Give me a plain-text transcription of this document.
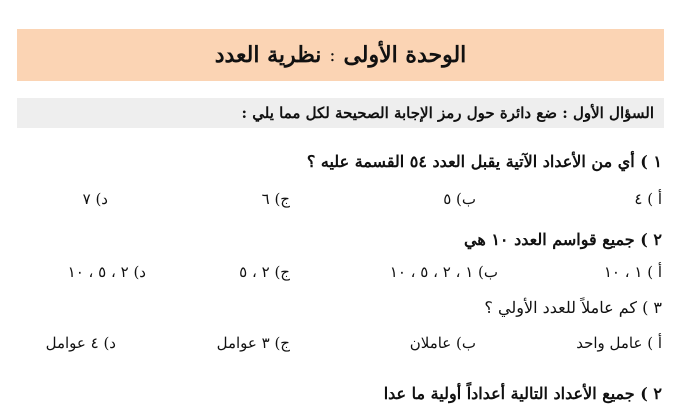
الوحدة الأولى
:
نظرية العدد
السؤال الأول : ضع دائرة حول رمز الإجابة الصحيحة لكل مما يلي :
١ ) أي من الأعداد الآتية يقبل العدد ٥٤ القسمة عليه ؟
أ ) ٤
ب) ٥
ج) ٦
د) ٧
٢ ) جميع قواسم العدد ١٠ هي
أ ) ١ ، ١٠
ب) ١ ، ٢ ، ٥ ، ١٠
ج) ٢ ، ٥
د) ٢ ، ٥ ، ١٠
٣ ) كم عاملاً للعدد الأولي ؟
أ ) عامل واحد
ب) عاملان
ج) ٣ عوامل
د) ٤ عوامل
٢ ) جميع الأعداد التالية أعداداً أولية ما عدا
